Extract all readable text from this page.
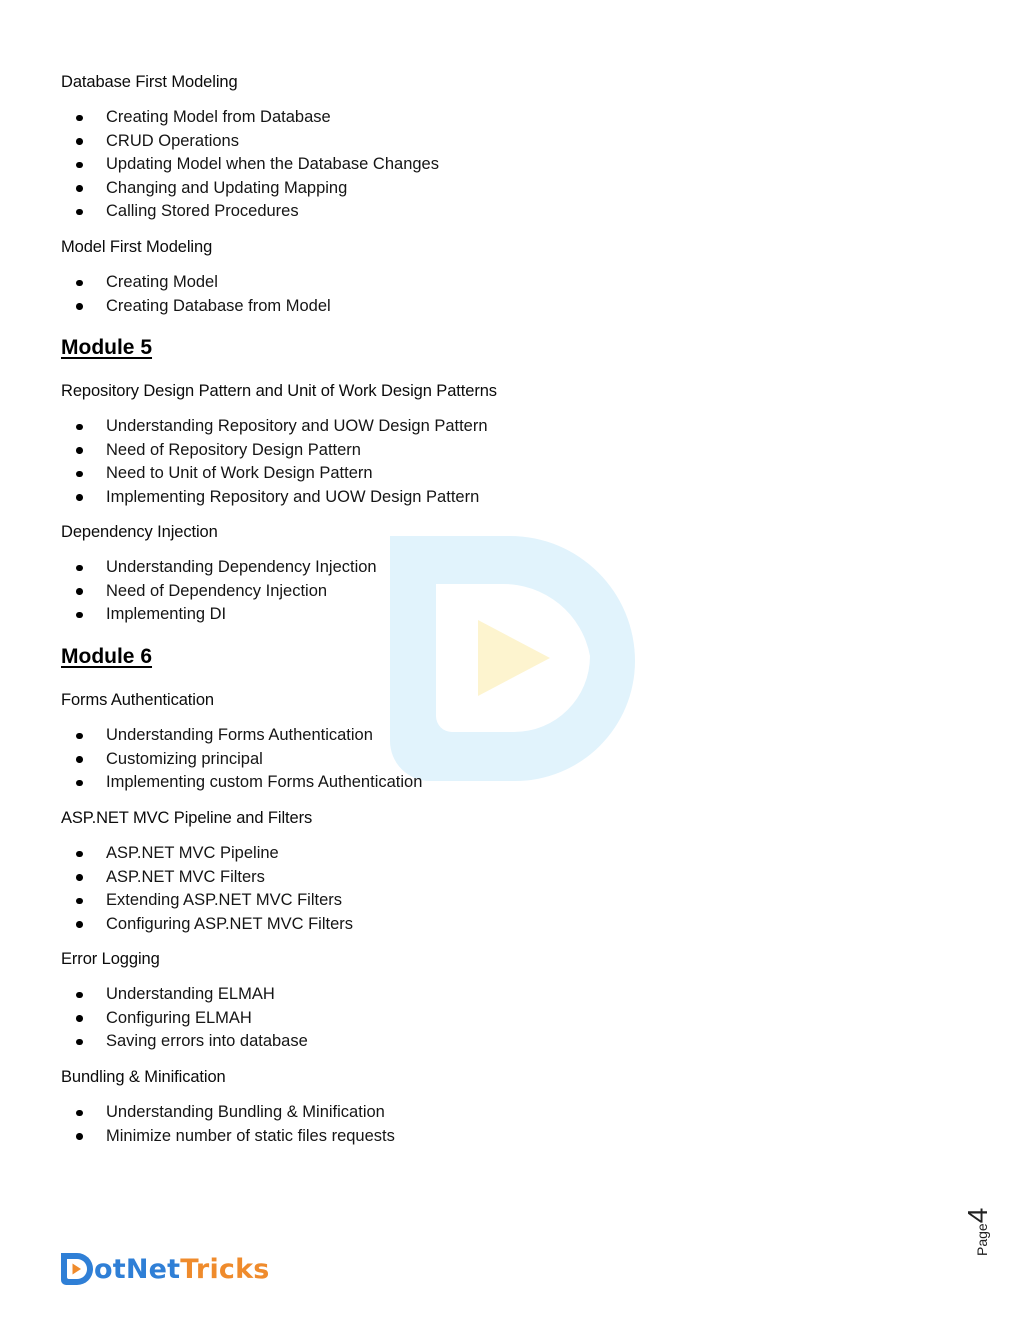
Database First Modeling
Creating Model from Database
CRUD Operations
Updating Model when the Database Changes
Changing and Updating Mapping
Calling Stored Procedures
Model First Modeling
Creating Model
Creating Database from Model
Module 5
Repository Design Pattern and Unit of Work Design Patterns
Understanding Repository and UOW Design Pattern
Need of Repository Design Pattern
Need to Unit of Work Design Pattern
Implementing Repository and UOW Design Pattern
Dependency Injection
Understanding Dependency Injection
Need of Dependency Injection
Implementing DI
Module 6
Forms Authentication
Understanding Forms Authentication
Customizing principal
Implementing custom Forms Authentication
ASP.NET MVC Pipeline and Filters
ASP.NET MVC Pipeline
ASP.NET MVC Filters
Extending ASP.NET MVC Filters
Configuring ASP.NET MVC Filters
Error Logging
Understanding ELMAH
Configuring ELMAH
Saving errors into database
Bundling & Minification
Understanding Bundling & Minification
Minimize number of static files requests
Page4
otNetTricks
